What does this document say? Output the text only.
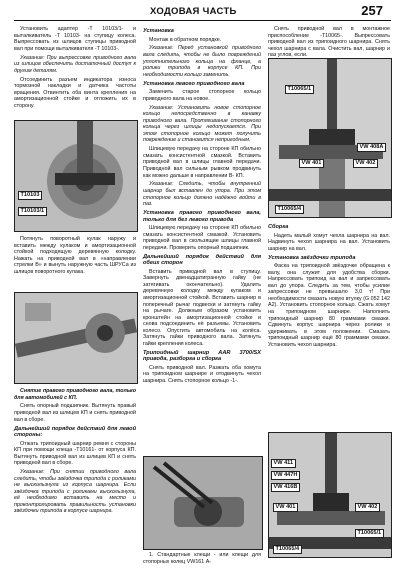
ХОДОВАЯ ЧАСТЬ	257

Установить адаптер -Т 10103/1- и выталкиватель -Т 10103- на ступицу колеса. Выпрессовать из шлицов ступицы приводной вал при помощи выталкивателя -Т 10103-.

Указание: При выпрессовке приводного вала из шлицов обеспечить достаточный доступ к другим деталям.

Отсоединить разъем индикатора износа тормозной накладки и датчика частоты вращения. Отвинтить оба винта крепления на амортизационной стойке и отложить их в сторону.

T10103
T10103/1

Потянуть поворотный кулак наружу и вставить между кулаком и амортизационной стойкой подходящую деревянную колодку. Нажать на приводной вал в «направлении стрелки В» и вынуть наружную часть ШРУСа из шлицов поворотного кулака.

Снятие правого приводного вала, только для автомобилей с КП.

Снять опорный подшипник. Вытянуть правый приводной вал из шлицев КП и снять приводной вал в сборе.

Дальнейший порядок действий для левой стороны:

Отжать трипоидный шарнир ремня с стороны КП при помощи клеща -Т10161- от корпуса КП. Вытянуть приводной вал из шлицев КП и снять приводной вал в сборе.

Указание: При снятии приводного вала следить, чтобы звёздочка трипода с роликами не выскользнула из корпуса шарнира. Если звёздочка трипода с роликами выскользнула, её необходимо вставить на место и проконтролировать правильность установки звёздочки трипода в корпусе шарнира.

Установка

Монтаж в обратном порядке.

Указание: Перед установкой приводного вала следить, чтобы не было повреждений уплотнительного кольца на фланце, а ролики трипода в корпусе КП. При необходимости кольцо заменить.

Установка левого приводного вала

Заменить старое стопорное кольцо приводного вала на новое.

Указание: Установить новое стопорное кольцо непосредственно в канавку приводного вала. Протягивание стопорного кольца через шлицы недопускается. При этом стопорное кольцо может получить повреждение и становится непригодным.

Шлицевую передачу на стороне КП обильно смазать консистентной смазкой. Вставить приводной вал в шлицы главной передачи. Приводной вал сильным рывком продвинуть как можно дальше в направлении В- КП.

Указание: Следить, чтобы внутренний шарнир был вставлен до упора. При этом стопорное кольцо должно надёжно войти в паз.

Установка правого приводного вала, только для без левого привода

Шлицевую передачу на стороне КП обильно смазать консистентной смазкой. Установить приводной вал в скользящие шлицы главной передачи. Проверить опорный подшипник.

Дальнейший порядок действий для обеих сторон

Вставить приводной вал в ступицу. Завернуть двенадцатигранную гайку (не затягивать окончательно). Удалить деревянную колодку между кулаком и амортизационной стойкой. Вставить шарнир в поперечный рычаг подвески и затянуть гайку на рычаге. Должным образом установить кронштейн на амортизационной стойке и снова подсоединить её разъемы. Установить колесо. Опустить автомобиль на колёса. Затянуть гайки приводного вала. Затянуть гайки крепления колеса.

Трипоидный шарнир AAR 3700/SX привода, разборка и сборка

Снять приводной вал. Разжать оба хомута на трипоидном шарнире и отодвинуть чехол шарнира. Снять стопорное кольцо -1-.

1. Стандартные клещи - или клещи для стопорных колец VW161 А-

Снять приводной вал в монтажное приспособление -Т10065-. Выпрессовать приводной вал из трипоидного шарнира. Снять чехол шарнира с вала. Очистить вал, шарнир и паз углов, если.

T10065/1
VW 408A
VW 401	VW 402
T10065/4
Сборка

Надеть малый хомут чехла шарнира на вал. Надвинуть чехол шарнира на вал. Установить шарнир на вал.

Установка звёздочки трипода

Фаска на трипоидной звёздочке обращена к валу, она служит для удобства сборки. Напрессовать трипоид на вал и запрессовать вал до упора. Следить за тем, чтобы усилие запрессовки не превышало 3,0 т! При необходимости смазать новую втулку (G 052 142 А2). Установить стопорное кольцо. Сжать хомут на трипоидном шарнире. Наполнить трипоидный шарнир 80 граммами смазки. Сдвинуть корпус шарнира через ролики и удерживать в этом положении. Смазать трипоидный шарнир ещё 80 граммами смазки. Установить чехол шарнира.

VW 411
VW 447H
VW 416B
VW 401	VW 402
T10065/1
T10065/4
